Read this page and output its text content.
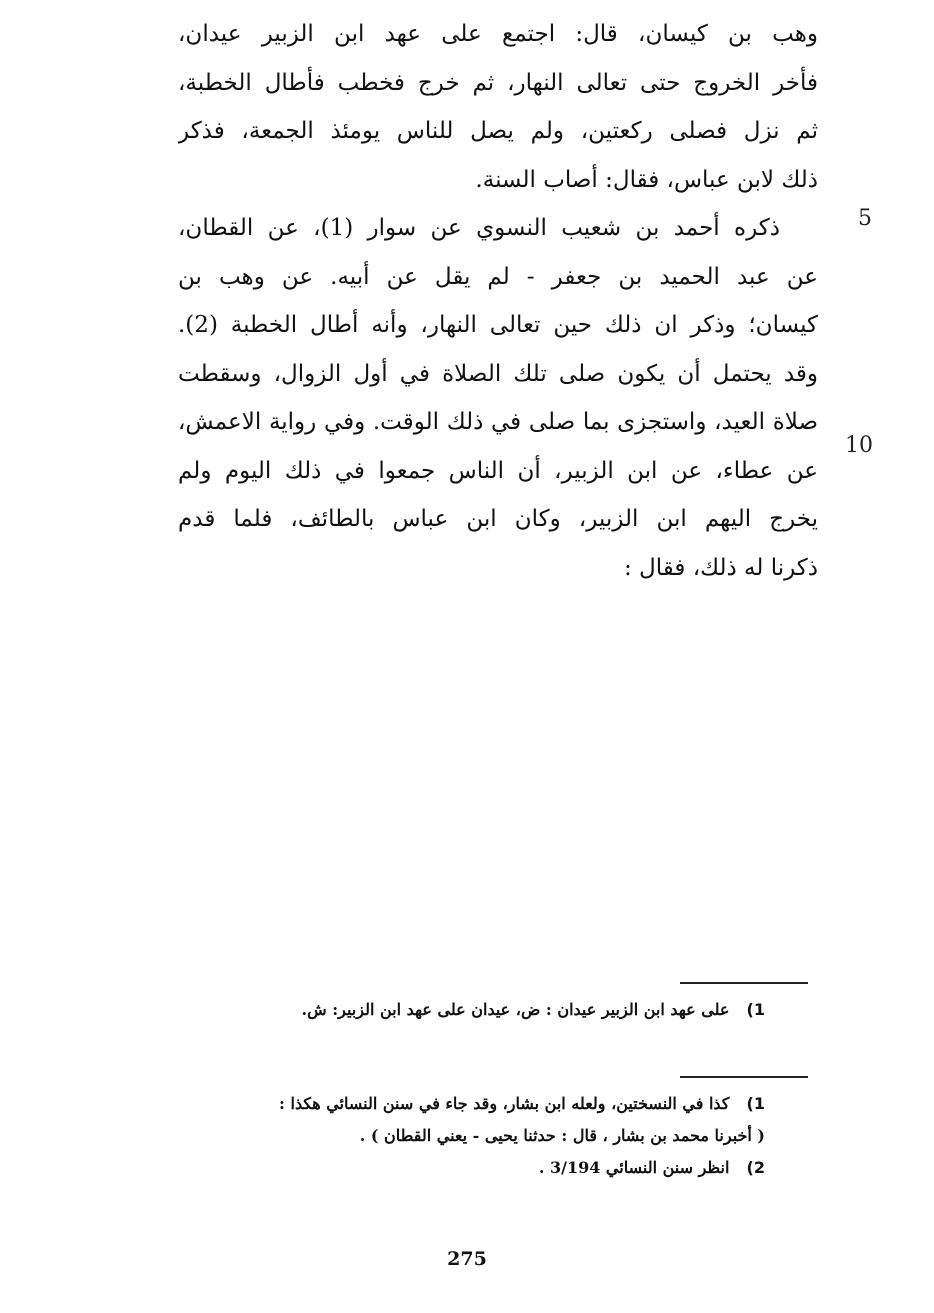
وهب بن كيسان، قال: اجتمع على عهد ابن الزبير عيدان،
فأخر الخروج حتى تعالى النهار، ثم خرج فخطب فأطال الخطبة،
ثم نزل فصلى ركعتين، ولم يصل للناس يومئذ الجمعة، فذكر
ذلك لابن عباس، فقال: أصاب السنة.
ذكره أحمد بن شعيب النسوي عن سوار (1)، عن القطان،
عن عبد الحميد بن جعفر - لم يقل عن أبيه. عن وهب بن
كيسان؛ وذكر ان ذلك حين تعالى النهار، وأنه أطال الخطبة (2).
وقد يحتمل أن يكون صلى تلك الصلاة في أول الزوال، وسقطت
صلاة العيد، واستجزى بما صلى في ذلك الوقت. وفي رواية الاعمش،
عن عطاء، عن ابن الزبير، أن الناس جمعوا في ذلك اليوم ولم
يخرج اليهم ابن الزبير، وكان ابن عباس بالطائف، فلما قدم
ذكرنا له ذلك، فقال :
5
10
1) على عهد ابن الزبير عيدان : ض، عيدان على عهد ابن الزبير: ش.
1) كذا في النسختين، ولعله ابن بشار، وقد جاء في سنن النسائي هكذا :
( أخبرنا محمد بن بشار ، قال : حدثنا يحيى - يعني القطان ) .
2) انظر سنن النسائي 3/194 .
275
